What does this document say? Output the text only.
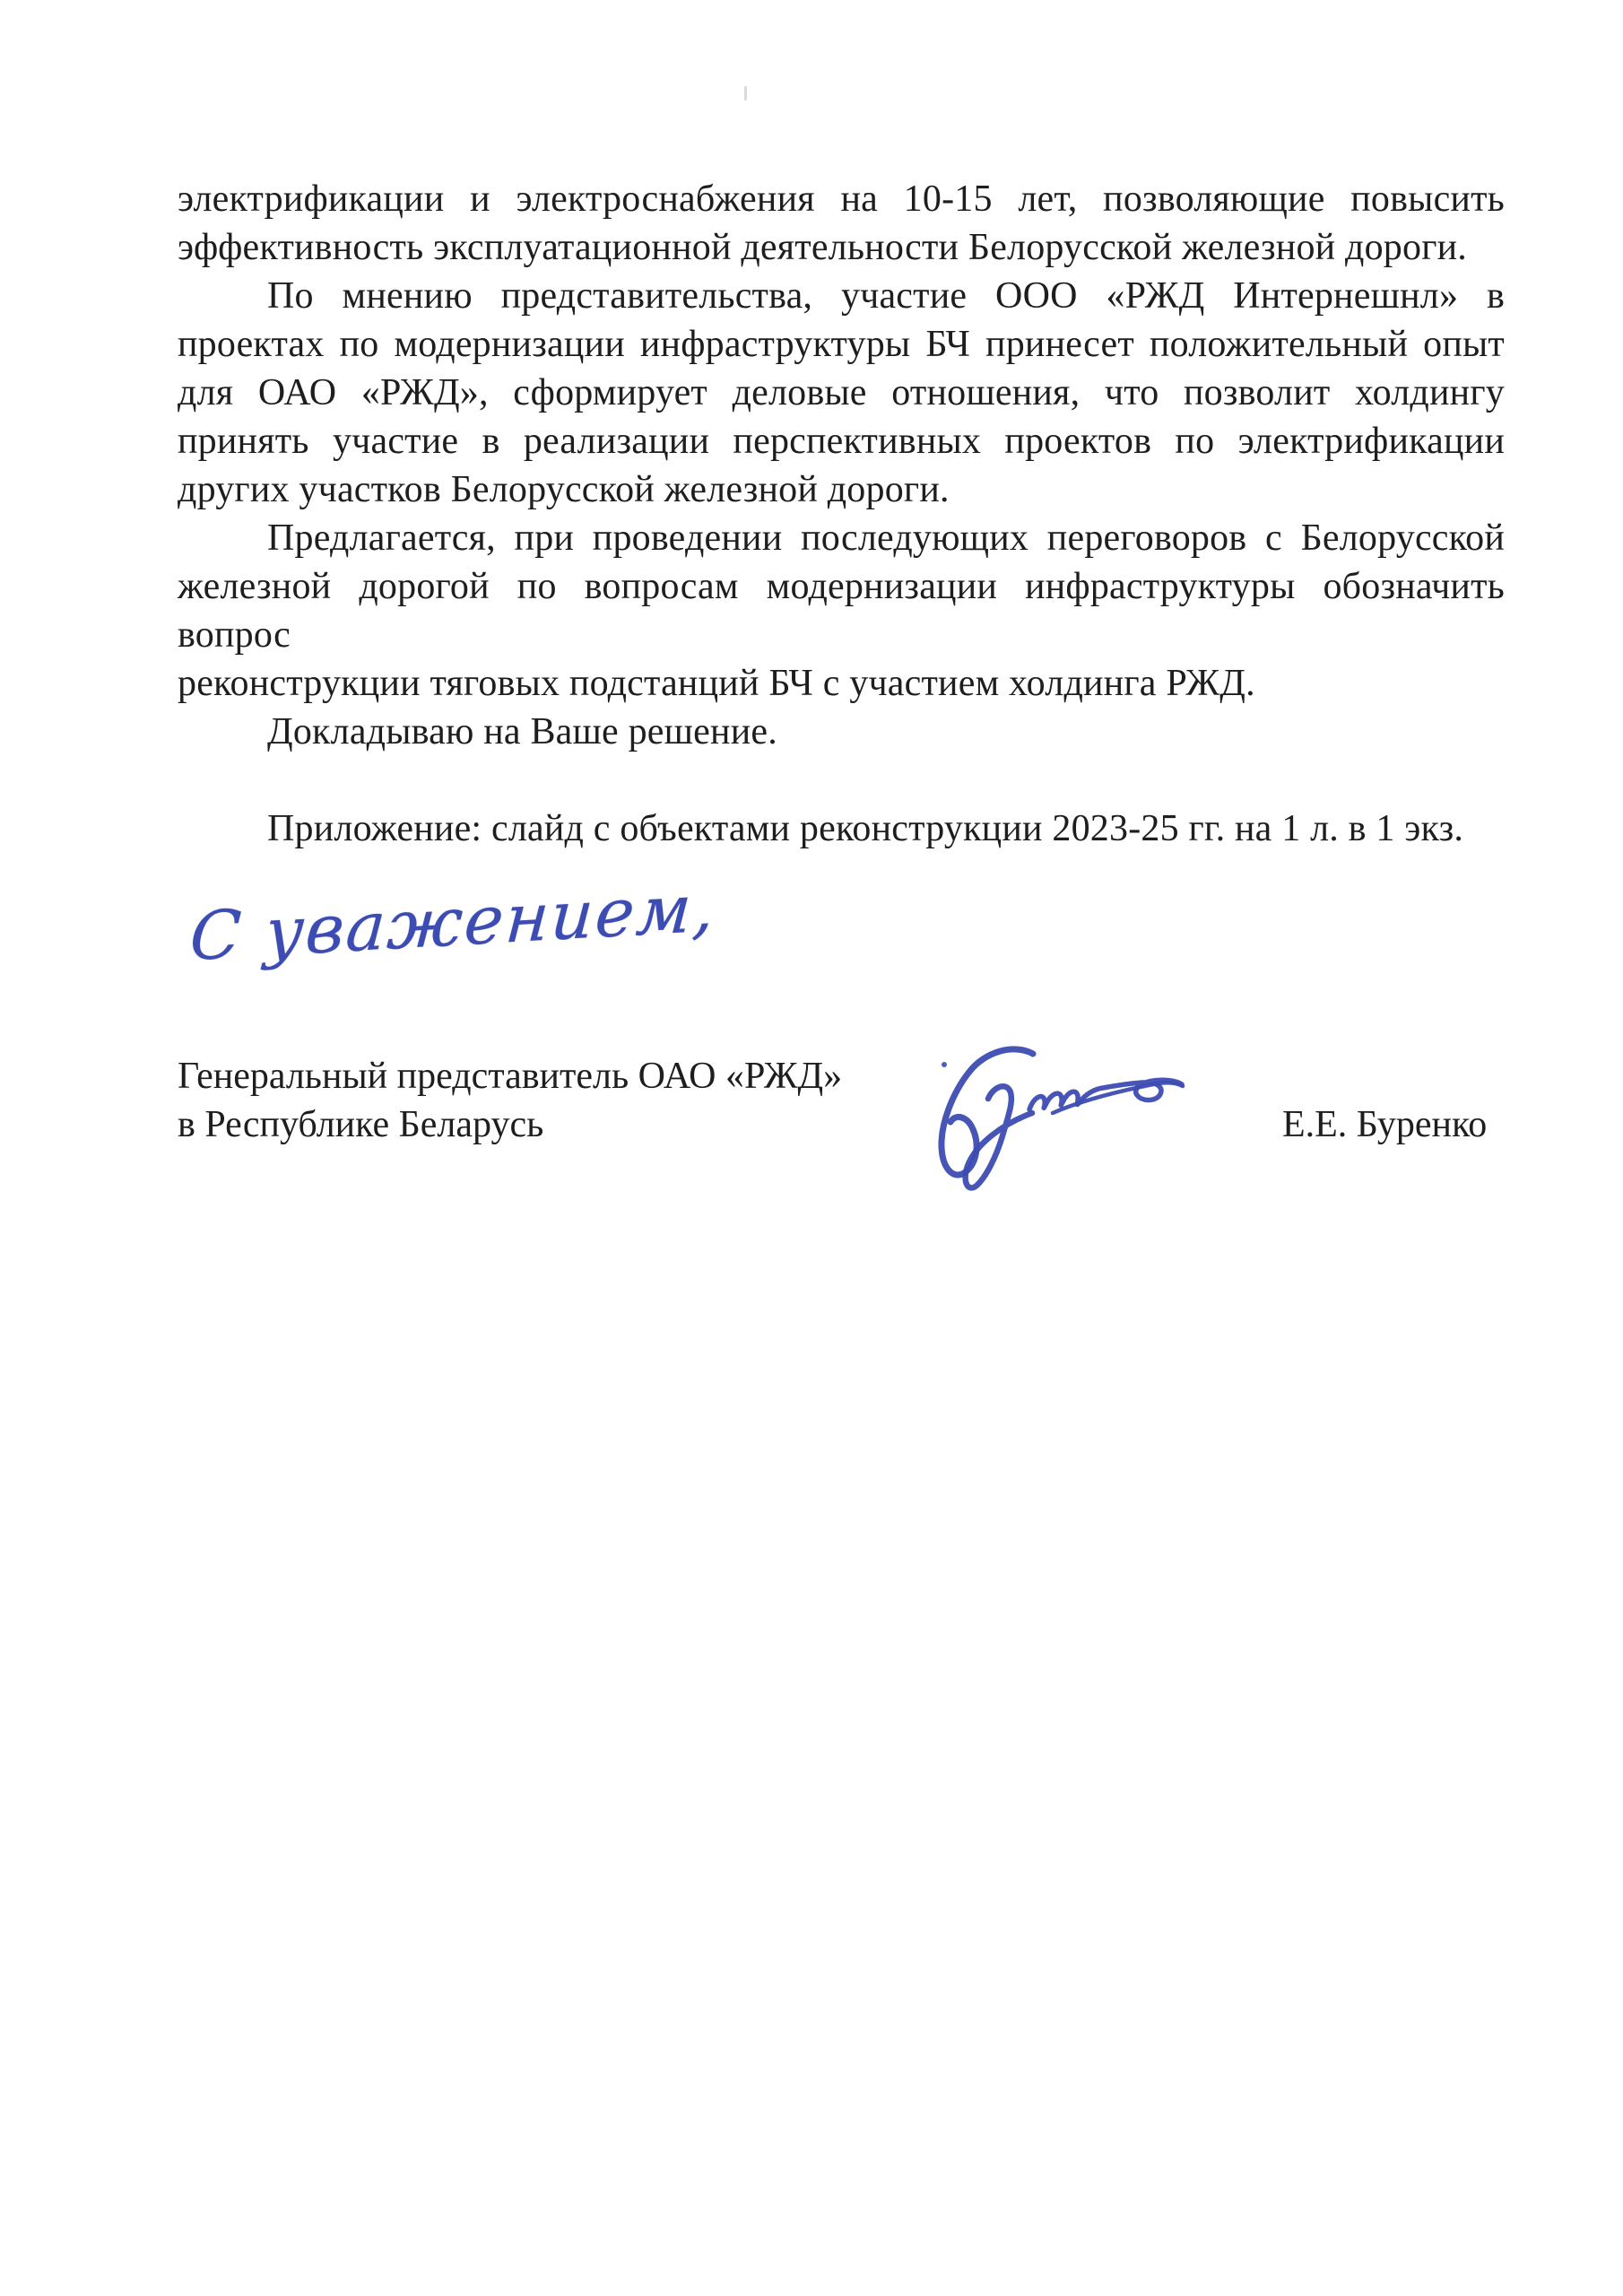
электрификации и электроснабжения на 10-15 лет, позволяющие повысить
эффективность эксплуатационной деятельности Белорусской железной дороги.

По мнению представительства, участие ООО «РЖД Интернешнл» в
проектах по модернизации инфраструктуры БЧ принесет положительный опыт
для ОАО «РЖД», сформирует деловые отношения, что позволит холдингу
принять участие в реализации перспективных проектов по электрификации
других участков Белорусской железной дороги.

Предлагается, при проведении последующих переговоров с Белорусской
железной дорогой по вопросам модернизации инфраструктуры обозначить вопрос
реконструкции тяговых подстанций БЧ с участием холдинга РЖД.

Докладываю на Ваше решение.

Приложение: слайд с объектами реконструкции 2023-25 гг. на 1 л. в 1 экз.
С уважением,
Генеральный представитель ОАО «РЖД»
в Республике Беларусь	Е.Е. Буренко
